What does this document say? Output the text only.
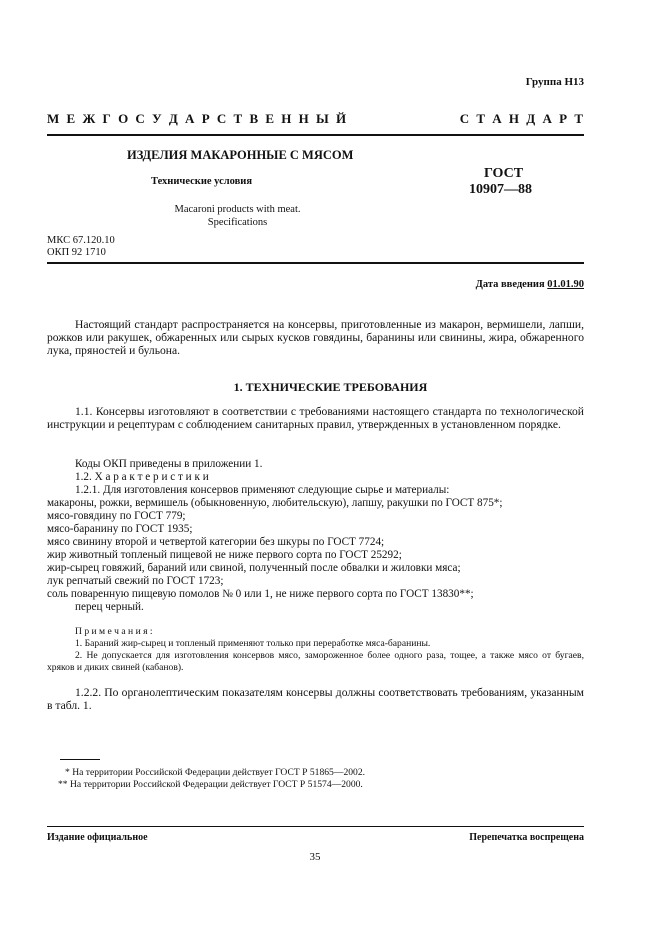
Группа Н13
М Е Ж Г О С У Д А Р С Т В Е Н Н Ы Й	С Т А Н Д А Р Т
ИЗДЕЛИЯ МАКАРОННЫЕ С МЯСОМ
Технические условия
Macaroni products with meat.
Specifications
ГОСТ
10907—88
МКС 67.120.10
ОКП 92 1710
Дата введения 01.01.90
Настоящий стандарт распространяется на консервы, приготовленные из макарон, вермишели, лапши, рожков или ракушек, обжаренных или сырых кусков говядины, баранины или свинины, жира, обжаренного лука, пряностей и бульона.
1. ТЕХНИЧЕСКИЕ ТРЕБОВАНИЯ
1.1. Консервы изготовляют в соответствии с требованиями настоящего стандарта по технологической инструкции и рецептурам с соблюдением санитарных правил, утвержденных в установленном порядке.
Коды ОКП приведены в приложении 1.
1.2. Х а р а к т е р и с т и к и
1.2.1. Для изготовления консервов применяют следующие сырье и материалы:
макароны, рожки, вермишель (обыкновенную, любительскую), лапшу, ракушки по ГОСТ 875*;
мясо-говядину по ГОСТ 779;
мясо-баранину по ГОСТ 1935;
мясо свинину второй и четвертой категории без шкуры по ГОСТ 7724;
жир животный топленый пищевой не ниже первого сорта по ГОСТ 25292;
жир-сырец говяжий, бараний или свиной, полученный после обвалки и жиловки мяса;
лук репчатый свежий по ГОСТ 1723;
соль поваренную пищевую помолов № 0 или 1, не ниже первого сорта по ГОСТ 13830**;
перец черный.
П р и м е ч а н и я :
1. Бараний жир-сырец и топленый применяют только при переработке мяса-баранины.
2. Не допускается для изготовления консервов мясо, замороженное более одного раза, тощее, а также мясо от бугаев, хряков и диких свиней (кабанов).
1.2.2. По органолептическим показателям консервы должны соответствовать требованиям, указанным в табл. 1.
* На территории Российской Федерации действует ГОСТ Р 51865—2002.
** На территории Российской Федерации действует ГОСТ Р 51574—2000.
Издание официальное	Перепечатка воспрещена
35
